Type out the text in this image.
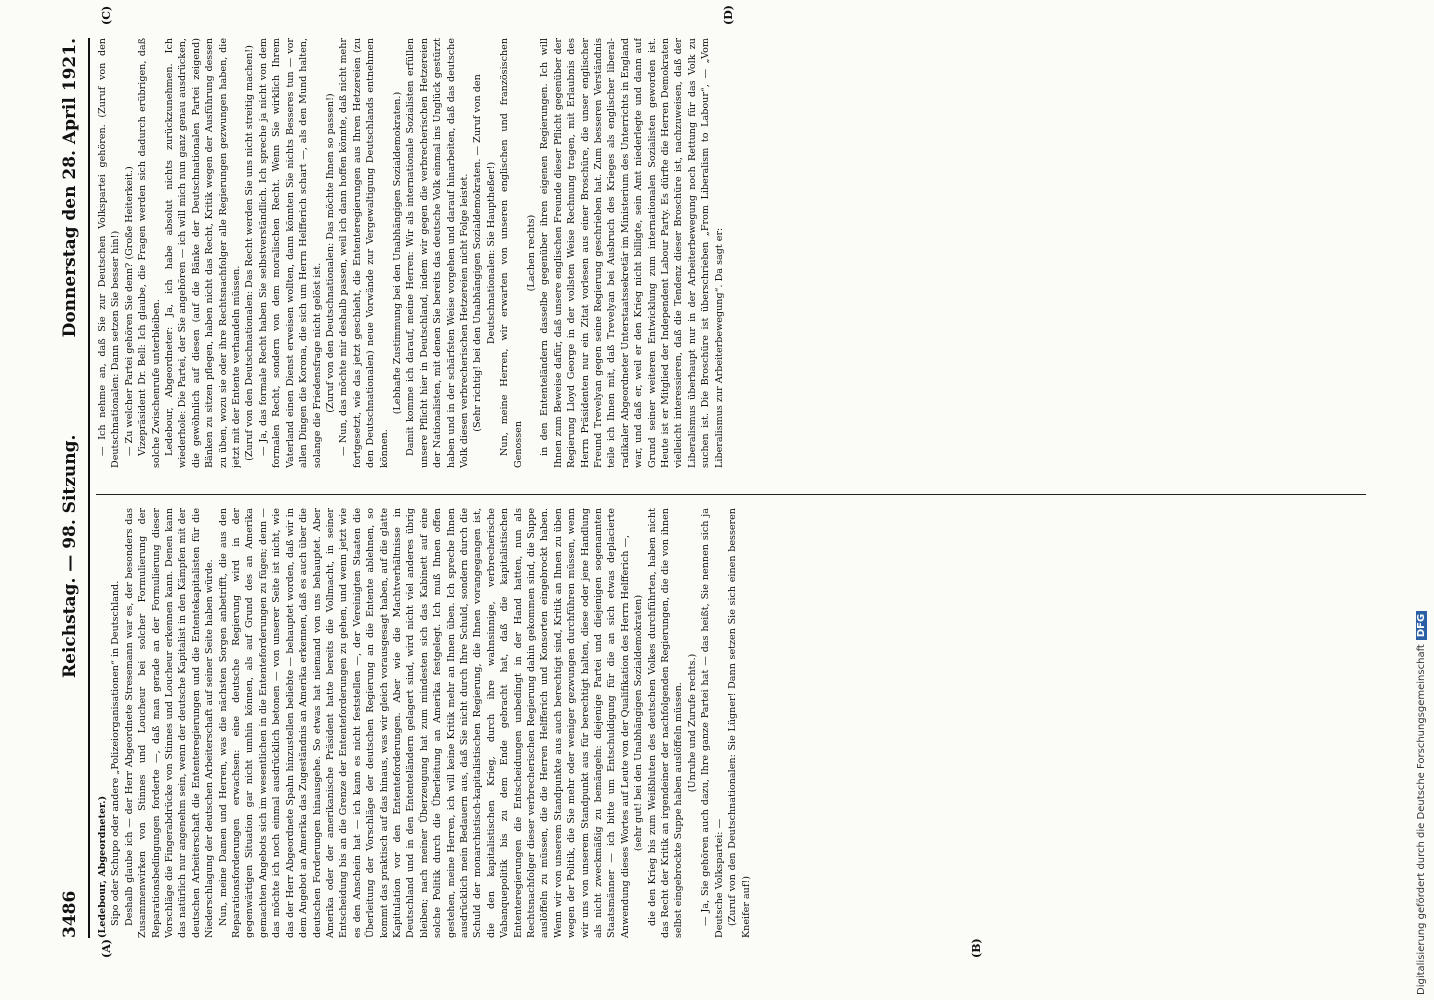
3486
Reichstag. — 98. Sitzung.
Donnerstag den 28. April 1921.
(A)	(B)
(C)	(D)

(Ledebour, Abgeordneter.) Sipo oder Schupo oder andere „Polizeiorganisationen“ in Deutschland. Deshalb glaube ich — der Herr Abgeordnete Stresemann war es, der besonders das Zusammenwirken von Stinnes und Loucheur bei solcher Formulierung der Reparationsbedingungen forderte —, daß man gerade an der Formulierung dieser Vorschläge die Fingerabdrücke von Stinnes und Loucheur erkennen kann. Denen kann das natürlich nur angenehm sein, wenn der deutsche Kapitalist in den Kämpfen mit der deutschen Arbeiterschaft die Ententeregierungen und die Ententekapitalisten für die Niederschlagung der deutschen Arbeiterschaft auf seiner Seite haben würde. Nun, meine Damen und Herren, was die nächsten Sorgen anbetrifft, die aus den Reparationsforderungen erwachsen: eine deutsche Regierung wird in der gegenwärtigen Situation gar nicht umhin können, als auf Grund des an Amerika gemachten Angebots sich im wesentlichen in die Ententeforderungen zu fügen; denn — das möchte ich noch einmal ausdrücklich betonen — von unserer Seite ist nicht, wie das der Herr Abgeordnete Spahn hinzustellen beliebte — behauptet worden, daß wir in dem Angebot an Amerika das Zugeständnis an Amerika erkennen, daß es auch über die deutschen Forderungen hinausgehe. So etwas hat niemand von uns behauptet. Aber Amerika oder der amerikanische Präsident hatte bereits die Vollmacht, in seiner Entscheidung bis an die Grenze der Ententeforderungen zu gehen, und wenn jetzt wie es den Anschein hat — ich kann es nicht feststellen —, der Vereinigten Staaten die Überleitung der Vorschläge der deutschen Regierung an die Entente ablehnen, so kommt das praktisch auf das hinaus, was wir gleich vorausgesagt haben, auf die glatte Kapitulation vor den Ententeforderungen. Aber wie die Machtverhältnisse in Deutschland und in den Ententeländern gelagert sind, wird nicht viel anderes übrig bleiben; nach meiner Überzeugung hat zum mindesten sich das Kabinett auf eine solche Politik durch die Überleitung an Amerika festgelegt. Ich muß Ihnen offen gestehen, meine Herren, ich will keine Kritik mehr an Ihnen üben. Ich spreche Ihnen ausdrücklich mein Bedauern aus, daß Sie nicht durch Ihre Schuld, sondern durch die Schuld der monarchistisch-kapitalistischen Regierung, die Ihnen vorangegangen ist, die den kapitalistischen Krieg, durch ihre wahnsinnige, verbrecherische Vabanquepolitik bis zu dem Ende gebracht hat, daß die kapitalistischen Ententeregierungen die Entscheidungen unbedingt in der Hand hatten, nun als Rechtsnachfolger dieser verbrecherischen Regierung dahin gekommen sind, die Suppe auslöffeln zu müssen, die die Herren Helfferich und Konsorten eingebrockt haben. Wenn wir von unserem Standpunkte aus auch berechtigt sind, Kritik an Ihnen zu üben wegen der Politik, die Sie mehr oder weniger gezwungen durchführen müssen, wenn wir uns von unserem Standpunkt aus für berechtigt halten, diese oder jene Handlung als nicht zweckmäßig zu bemängeln: diejenige Partei und diejenigen sogenannten Staatsmänner — ich bitte um Entschuldigung für die an sich etwas deplacierte Anwendung dieses Wortes auf Leute von der Qualifikation des Herrn Helfferich —, (sehr gut! bei den Unabhängigen Sozialdemokraten) die den Krieg bis zum Weißbluten des deutschen Volkes durchführten, haben nicht das Recht der Kritik an irgendeiner der nachfolgenden Regierungen, die die von ihnen selbst eingebrockte Suppe haben auslöffeln müssen. (Unruhe und Zurufe rechts.) — Ja, Sie gehören auch dazu, Ihre ganze Partei hat — das heißt, Sie nennen sich ja Deutsche Volkspartei: — (Zuruf von den Deutschnationalen: Sie Lügner! Dann setzen Sie sich einen besseren Kneifer auf!)

— Ich nehme an, daß Sie zur Deutschen Volkspartei gehören. (Zuruf von den Deutschnationalen: Dann setzen Sie besser hin!) — Zu welcher Partei gehören Sie denn? (Große Heiterkeit.) Vizepräsident Dr. Bell: Ich glaube, die Fragen werden sich dadurch erübrigen, daß solche Zwischenrufe unterbleiben. Ledebour, Abgeordneter: Ja, ich habe absolut nichts zurückzunehmen. Ich wiederhole: Die Partei, der Sie angehören — ich will mich nun ganz genau ausdrücken, die gewöhnlich auf diesen (auf die Bänke der Deutschnationalen Partei zeigend) Bänken zu sitzen pflegen, haben nicht das Recht, Kritik wegen der Ausführung dessen zu üben, wozu sie oder ihre Rechtsnachfolger alle Regierungen gezwungen haben, die jetzt mit der Entente verhandeln müssen. (Zuruf von den Deutschnationalen: Das Recht werden Sie uns nicht streitig machen!) — Ja, das formale Recht haben Sie selbstverständlich. Ich spreche ja nicht von dem formalen Recht, sondern von dem moralischen Recht. Wenn Sie wirklich Ihrem Vaterland einen Dienst erweisen wollten, dann könnten Sie nichts Besseres tun — vor allen Dingen die Korona, die sich um Herrn Helfferich schart —, als den Mund halten, solange die Friedensfrage nicht gelöst ist. (Zuruf von den Deutschnationalen: Das möchte Ihnen so passen!) — Nun, das möchte mir deshalb passen, weil ich dann hoffen könnte, daß nicht mehr fortgesetzt, wie das jetzt geschieht, die Ententeregierungen aus Ihren Hetzereien (zu den Deutschnationalen) neue Vorwände zur Vergewaltigung Deutschlands entnehmen können.

(Lebhafte Zustimmung bei den Unabhängigen Sozialdemokraten.) Damit komme ich darauf, meine Herren: Wir als internationale Sozialisten erfüllen unsere Pflicht hier in Deutschland, indem wir gegen die verbrecherischen Hetzereien der Nationalisten, mit denen Sie bereits das deutsche Volk einmal ins Unglück gestürzt haben und in der schärfsten Weise vorgehen und darauf hinarbeiten, daß das deutsche Volk diesen verbrecherischen Hetzereien nicht Folge leistet. (Sehr richtig! bei den Unabhängigen Sozialdemokraten. — Zuruf von den Deutschnationalen: Sie Hauptheßer!) Nun, meine Herren, wir erwarten von unseren englischen und französischen Genossen

(Lachen rechts) in den Ententeländern dasselbe gegenüber ihren eigenen Regierungen. Ich will Ihnen zum Beweise dafür, daß unsere englischen Freunde dieser Pflicht gegenüber der Regierung Lloyd George in der vollsten Weise Rechnung tragen, mit Erlaubnis des Herrn Präsidenten nur ein Zitat vorlesen aus einer Broschüre, die unser englischer Freund Trevelyan gegen seine Regierung geschrieben hat. Zum besseren Verständnis teile ich Ihnen mit, daß Trevelyan bei Ausbruch des Krieges als englischer liberal-radikaler Abgeordneter Unterstaatssekretär im Ministerium des Unterrichts in England war, und daß er, weil er den Krieg nicht billigte, sein Amt niederlegte und dann auf Grund seiner weiteren Entwicklung zum internationalen Sozialisten geworden ist. Heute ist er Mitglied der Independent Labour Party. Es dürfte die Herren Demokraten vielleicht interessieren, daß die Tendenz dieser Broschüre ist, nachzuweisen, daß der Liberalismus überhaupt nur in der Arbeiterbewegung noch Rettung für das Volk zu suchen ist. Die Broschüre ist überschrieben „From Liberalism to Labour“, — „Vom Liberalismus zur Arbeiterbewegung“. Da sagt er:

Digitalisierung gefördert durch die Deutsche ForschungsgemeinschaftDFG
